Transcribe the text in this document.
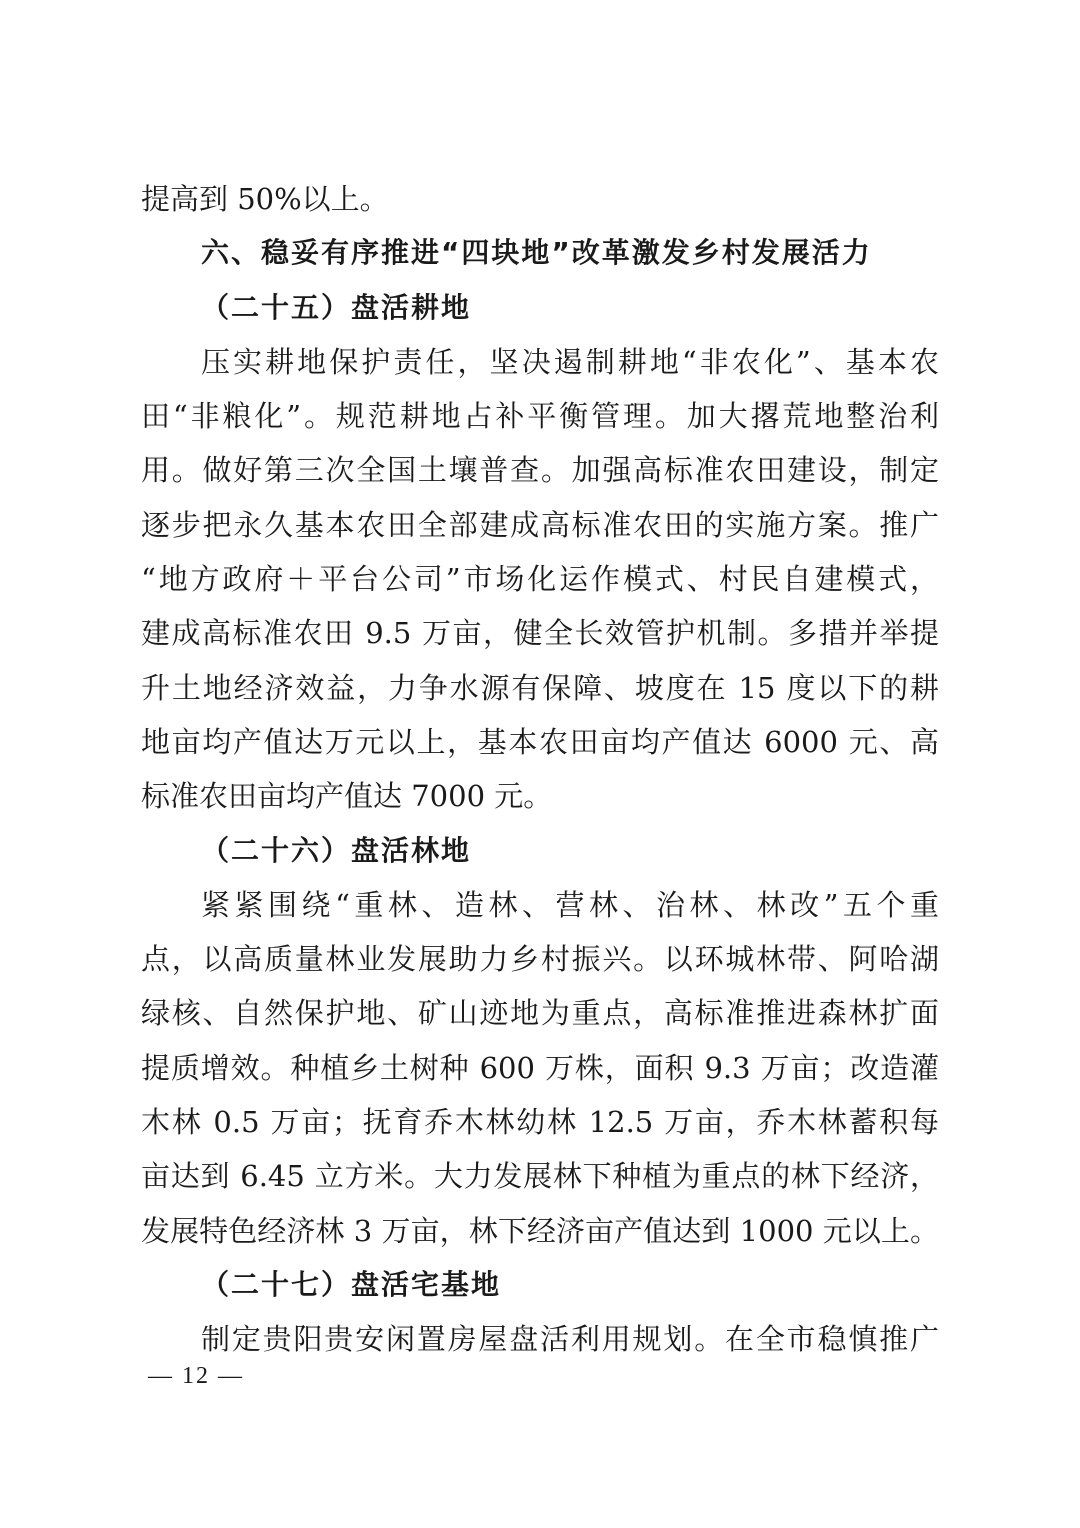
提高到 50%以上。
六、稳妥有序推进“四块地”改革激发乡村发展活力
（二十五）盘活耕地
压实耕地保护责任，坚决遏制耕地“非农化”、基本农
田“非粮化”。规范耕地占补平衡管理。加大撂荒地整治利
用。做好第三次全国土壤普查。加强高标准农田建设，制定
逐步把永久基本农田全部建成高标准农田的实施方案。推广
“地方政府＋平台公司”市场化运作模式、村民自建模式，
建成高标准农田 9.5 万亩，健全长效管护机制。多措并举提
升土地经济效益，力争水源有保障、坡度在 15 度以下的耕
地亩均产值达万元以上，基本农田亩均产值达 6000 元、高
标准农田亩均产值达 7000 元。
（二十六）盘活林地
紧紧围绕“重林、造林、营林、治林、林改”五个重
点，以高质量林业发展助力乡村振兴。以环城林带、阿哈湖
绿核、自然保护地、矿山迹地为重点，高标准推进森林扩面
提质增效。种植乡土树种 600 万株，面积 9.3 万亩；改造灌
木林 0.5 万亩；抚育乔木林幼林 12.5 万亩，乔木林蓄积每
亩达到 6.45 立方米。大力发展林下种植为重点的林下经济，
发展特色经济林 3 万亩，林下经济亩产值达到 1000 元以上。
（二十七）盘活宅基地
制定贵阳贵安闲置房屋盘活利用规划。在全市稳慎推广
— 12 —
